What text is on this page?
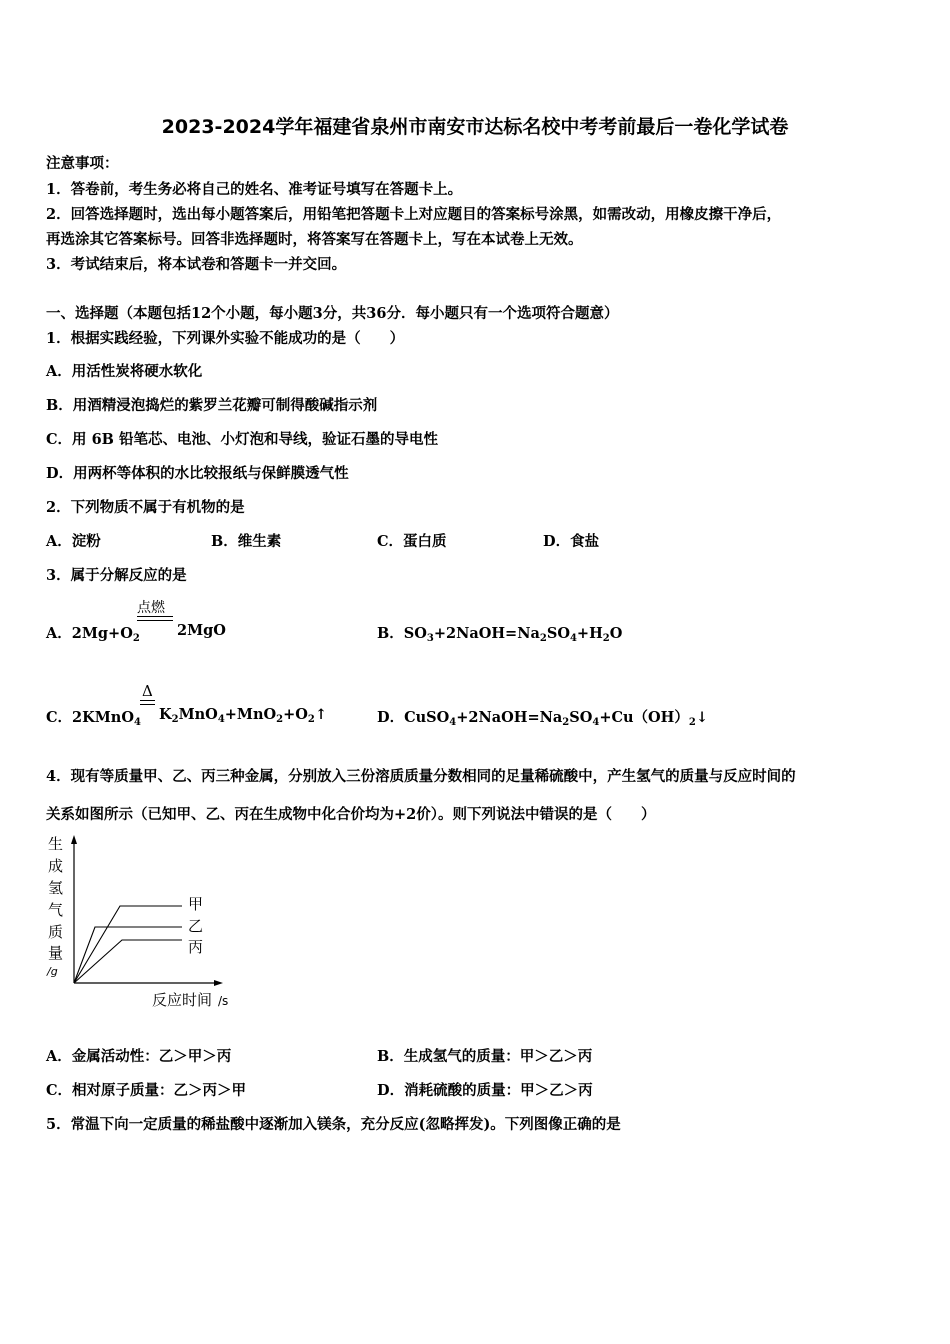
2023-2024学年福建省泉州市南安市达标名校中考考前最后一卷化学试卷
注意事项：
1．答卷前，考生务必将自己的姓名、准考证号填写在答题卡上。
2．回答选择题时，选出每小题答案后，用铅笔把答题卡上对应题目的答案标号涂黑，如需改动，用橡皮擦干净后，
再选涂其它答案标号。回答非选择题时，将答案写在答题卡上，写在本试卷上无效。
3．考试结束后，将本试卷和答题卡一并交回。
一、选择题（本题包括12个小题，每小题3分，共36分．每小题只有一个选项符合题意）
1．根据实践经验，下列课外实验不能成功的是（　　）
A．用活性炭将硬水软化
B．用酒精浸泡捣烂的紫罗兰花瓣可制得酸碱指示剂
C．用 6B 铅笔芯、电池、小灯泡和导线，验证石墨的导电性
D．用两杯等体积的水比较报纸与保鲜膜透气性
2．下列物质不属于有机物的是
A．淀粉	B．维生素	C．蛋白质	D．食盐
3．属于分解反应的是
A．$2Mg+O_2$
点燃
2MgO	B．$SO_3+2NaOH=Na_2SO_4+H_2O$
C．2KMnO$_4$
Δ
$K_2MnO_4+MnO_2+O_2↑$	D．$CuSO_4+2NaOH=Na_2SO_4+Cu(OH)_2↓$
4．现有等质量甲、乙、丙三种金属，分别放入三份溶质质量分数相同的足量稀硫酸中，产生氢气的质量与反应时间的
关系如图所示（已知甲、乙、丙在生成物中化合价均为+2价）。则下列说法中错误的是（　　）
生
成
氢
气
质
量
/g
甲
乙
丙
反应时间 /s
A．金属活动性：乙＞甲＞丙	B．生成氢气的质量：甲＞乙＞丙
C．相对原子质量：乙＞丙＞甲	D．消耗硫酸的质量：甲＞乙＞丙
5．常温下向一定质量的稀盐酸中逐渐加入镁条，充分反应(忽略挥发)。下列图像正确的是
